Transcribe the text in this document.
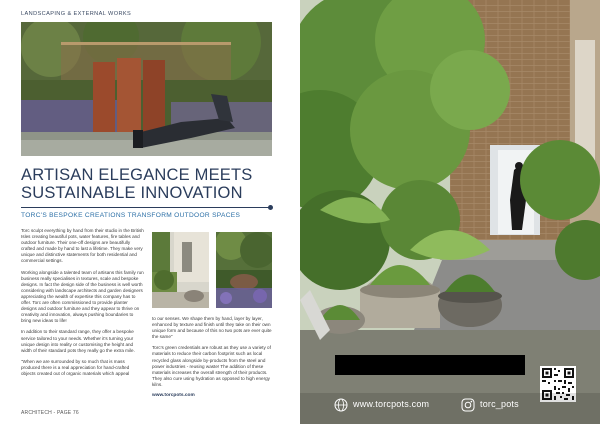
LANDSCAPING & EXTERNAL WORKS
ARTISAN ELEGANCE MEETS SUSTAINABLE INNOVATION
TORC'S BESPOKE CREATIONS TRANSFORM OUTDOOR SPACES

Torc sculpt everything by hand from their studio in the British Isles creating beautiful pots, water features, fire tables and outdoor furniture. Their one-off designs are beautifully crafted and made by hand to last a lifetime. They make very unique and distinctive statements for both residential and commercial settings.

Working alongside a talented team of artisans this family run business really specialises in textures, scale and bespoke designs. In fact the design side of the business is well worth considering with landscape architects and garden designers appreciating the wealth of expertise this company has to offer. Torc are often commissioned to provide planter designs and outdoor furniture and they appear to thrive on creativity and innovation, always pushing boundaries to bring new ideas to life!

In addition to their standard range, they offer a bespoke service tailored to your needs. Whether it's turning your unique design into reality or customising the height and width of their standard pots they really go the extra mile.

"When we are surrounded by so much that is mass produced there is a real appreciation for hand-crafted objects created out of organic materials which appeal

to our senses. We shape them by hand, layer by layer, enhanced by texture and finish until they take on their own unique form and because of this no two pots are ever quite the same"

Torc's green credentials are robust as they use a variety of materials to reduce their carbon footprint such as local recycled glass alongside by-products from the steel and power industries - reusing waste! The addition of these materials increases the overall strength of their products. They also cure using hydration as opposed to high energy kilns.

www.torcpots.com
ARCHITECH - PAGE 76
www.torcpots.com	torc_pots
